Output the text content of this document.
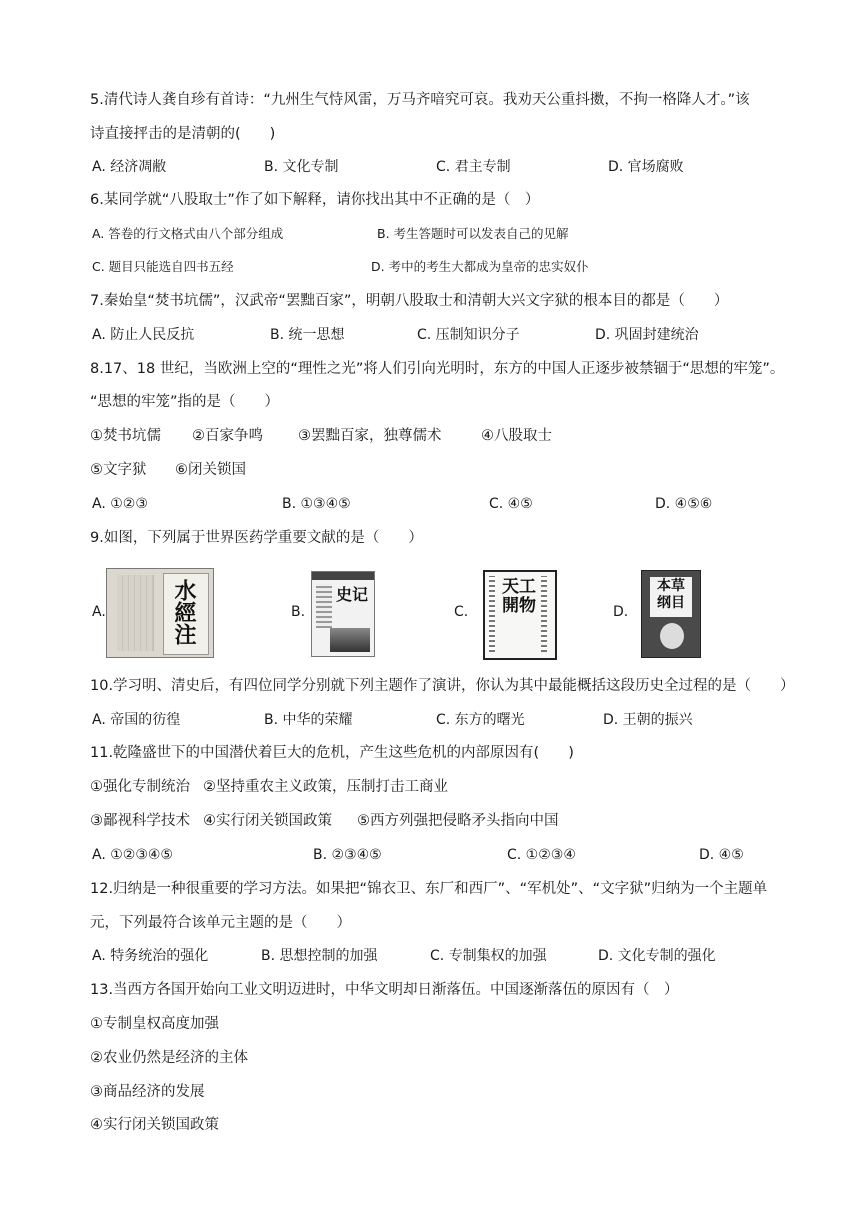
5.清代诗人龚自珍有首诗：“九州生气恃风雷，万马齐喑究可哀。我劝天公重抖擞，不拘一格降人才。”该
诗直接抨击的是清朝的(　　)
A. 经济凋敝	B. 文化专制	C. 君主专制	D. 官场腐败
6.某同学就“八股取士”作了如下解释，请你找出其中不正确的是（　）
A. 答卷的行文格式由八个部分组成	B. 考生答题时可以发表自己的见解
C. 题目只能选自四书五经	D. 考中的考生大都成为皇帝的忠实奴仆
7.秦始皇“焚书坑儒”，汉武帝“罢黜百家”，明朝八股取士和清朝大兴文字狱的根本目的都是（　　）
A. 防止人民反抗	B. 统一思想	C. 压制知识分子	D. 巩固封建统治
8.17、18 世纪，当欧洲上空的“理性之光”将人们引向光明时，东方的中国人正逐步被禁锢于“思想的牢笼”。
“思想的牢笼”指的是（　　）
①焚书坑儒 ②百家争鸣 ③罢黜百家，独尊儒术	④八股取士
⑤文字狱 ⑥闭关锁国
A. ①②③	B. ①③④⑤	C. ④⑤	D. ④⑤⑥
9.如图，下列属于世界医药学重要文献的是（　　）
A.	水經注	B.
史记
C.
天工開物	D.
本草纲目
10.学习明、清史后，有四位同学分别就下列主题作了演讲，你认为其中最能概括这段历史全过程的是（　　）
A. 帝国的彷徨	B. 中华的荣耀	C. 东方的曙光	D. 王朝的振兴
11.乾隆盛世下的中国潜伏着巨大的危机，产生这些危机的内部原因有(　　)
①强化专制统治 ②坚持重农主义政策，压制打击工商业
③鄙视科学技术 ④实行闭关锁国政策 ⑤西方列强把侵略矛头指向中国
A. ①②③④⑤	B. ②③④⑤	C. ①②③④	D. ④⑤
12.归纳是一种很重要的学习方法。如果把“锦衣卫、东厂和西厂”、“军机处”、“文字狱”归纳为一个主题单
元，下列最符合该单元主题的是（　　）
A. 特务统治的强化	B. 思想控制的加强	C. 专制集权的加强	D. 文化专制的强化
13.当西方各国开始向工业文明迈进时，中华文明却日渐落伍。中国逐渐落伍的原因有（　）
①专制皇权高度加强
②农业仍然是经济的主体
③商品经济的发展
④实行闭关锁国政策
